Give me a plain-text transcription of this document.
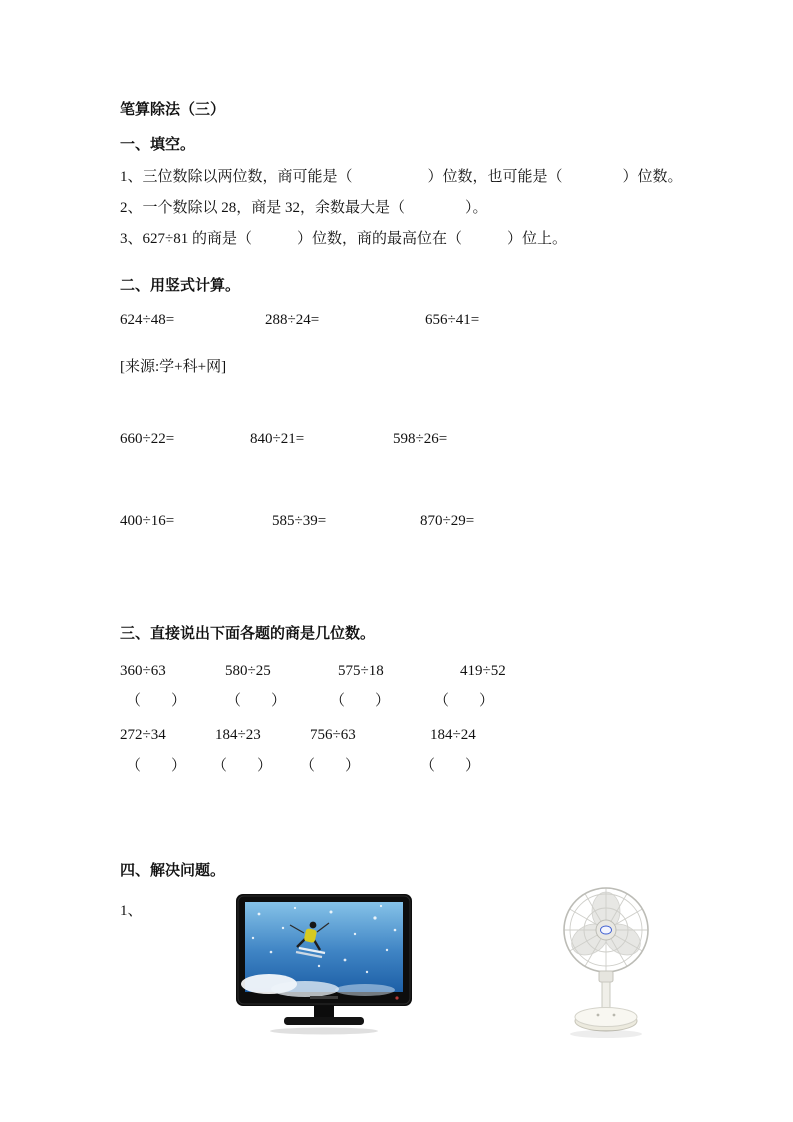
笔算除法（三）
一、填空。
1、三位数除以两位数，商可能是（　　　　　）位数，也可能是（　　　　）位数。
2、一个数除以 28，商是 32，余数最大是（　　　　）。
3、627÷81 的商是（　　　）位数，商的最高位在（　　　）位上。
二、用竖式计算。
624÷48=	288÷24=	656÷41=
[来源:学+科+网]
660÷22=	840÷21=	598÷26=
400÷16=	585÷39=	870÷29=
三、直接说出下面各题的商是几位数。
360÷63	580÷25	575÷18	419÷52
（　　）	（　　）	（　　）	（　　）
272÷34	184÷23	756÷63	184÷24
（　　） （　　） （　　）	（　　）
四、解决问题。
1、
